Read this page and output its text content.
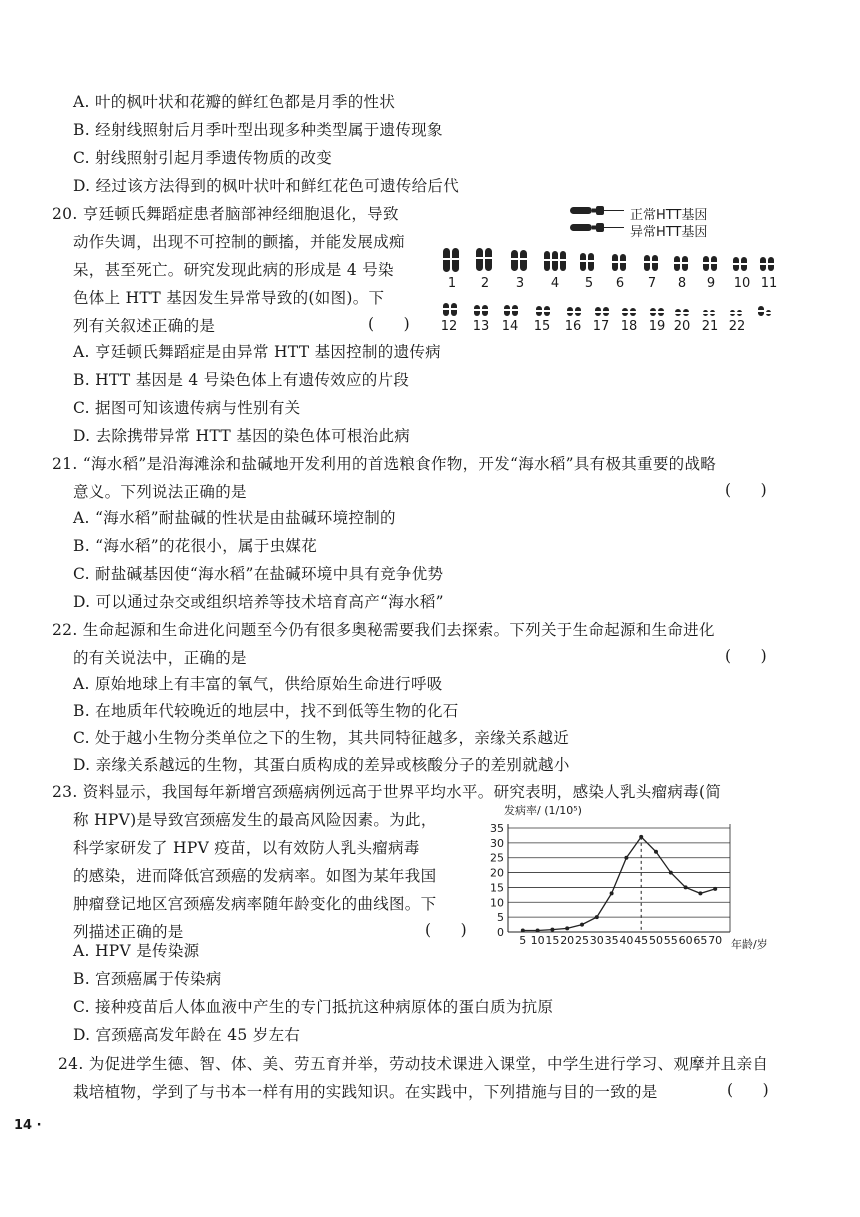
A. 叶的枫叶状和花瓣的鲜红色都是月季的性状
B. 经射线照射后月季叶型出现多种类型属于遗传现象
C. 射线照射引起月季遗传物质的改变
D. 经过该方法得到的枫叶状叶和鲜红花色可遗传给后代
20. 亨廷顿氏舞蹈症患者脑部神经细胞退化，导致
动作失调，出现不可控制的颤搐，并能发展成痴
呆，甚至死亡。研究发现此病的形成是 4 号染
色体上 HTT 基因发生异常导致的(如图)。下
列有关叙述正确的是	(      )
A. 亨廷顿氏舞蹈症是由异常 HTT 基因控制的遗传病
B. HTT 基因是 4 号染色体上有遗传效应的片段
C. 据图可知该遗传病与性别有关
D. 去除携带异常 HTT 基因的染色体可根治此病
正常HTT基因
异常HTT基因
1	2	3	4	5	6	7	8	9	10 11
12 13 14 15 16 17 18 19 20 21 22
21. “海水稻”是沿海滩涂和盐碱地开发利用的首选粮食作物，开发“海水稻”具有极其重要的战略
意义。下列说法正确的是	(      )
A. “海水稻”耐盐碱的性状是由盐碱环境控制的
B. “海水稻”的花很小，属于虫媒花
C. 耐盐碱基因使“海水稻”在盐碱环境中具有竞争优势
D. 可以通过杂交或组织培养等技术培育高产“海水稻”
22. 生命起源和生命进化问题至今仍有很多奥秘需要我们去探索。下列关于生命起源和生命进化
的有关说法中，正确的是	(      )
A. 原始地球上有丰富的氧气，供给原始生命进行呼吸
B. 在地质年代较晚近的地层中，找不到低等生物的化石
C. 处于越小生物分类单位之下的生物，其共同特征越多，亲缘关系越近
D. 亲缘关系越远的生物，其蛋白质构成的差异或核酸分子的差别就越小
23. 资料显示，我国每年新增宫颈癌病例远高于世界平均水平。研究表明，感染人乳头瘤病毒(简
称 HPV)是导致宫颈癌发生的最高风险因素。为此，
科学家研发了 HPV 疫苗，以有效防人乳头瘤病毒
的感染，进而降低宫颈癌的发病率。如图为某年我国
肿瘤登记地区宫颈癌发病率随年龄变化的曲线图。下
列描述正确的是	(      )
发病率/ (1/10⁵)
0
5
10
15
20
25
30
35
5 10 15 20 25 30 35 40 45 50 55 60 65 70 年龄/岁
A. HPV 是传染源
B. 宫颈癌属于传染病
C. 接种疫苗后人体血液中产生的专门抵抗这种病原体的蛋白质为抗原
D. 宫颈癌高发年龄在 45 岁左右
24. 为促进学生德、智、体、美、劳五育并举，劳动技术课进入课堂，中学生进行学习、观摩并且亲自
栽培植物，学到了与书本一样有用的实践知识。在实践中，下列措施与目的一致的是	(      )
14 ·
